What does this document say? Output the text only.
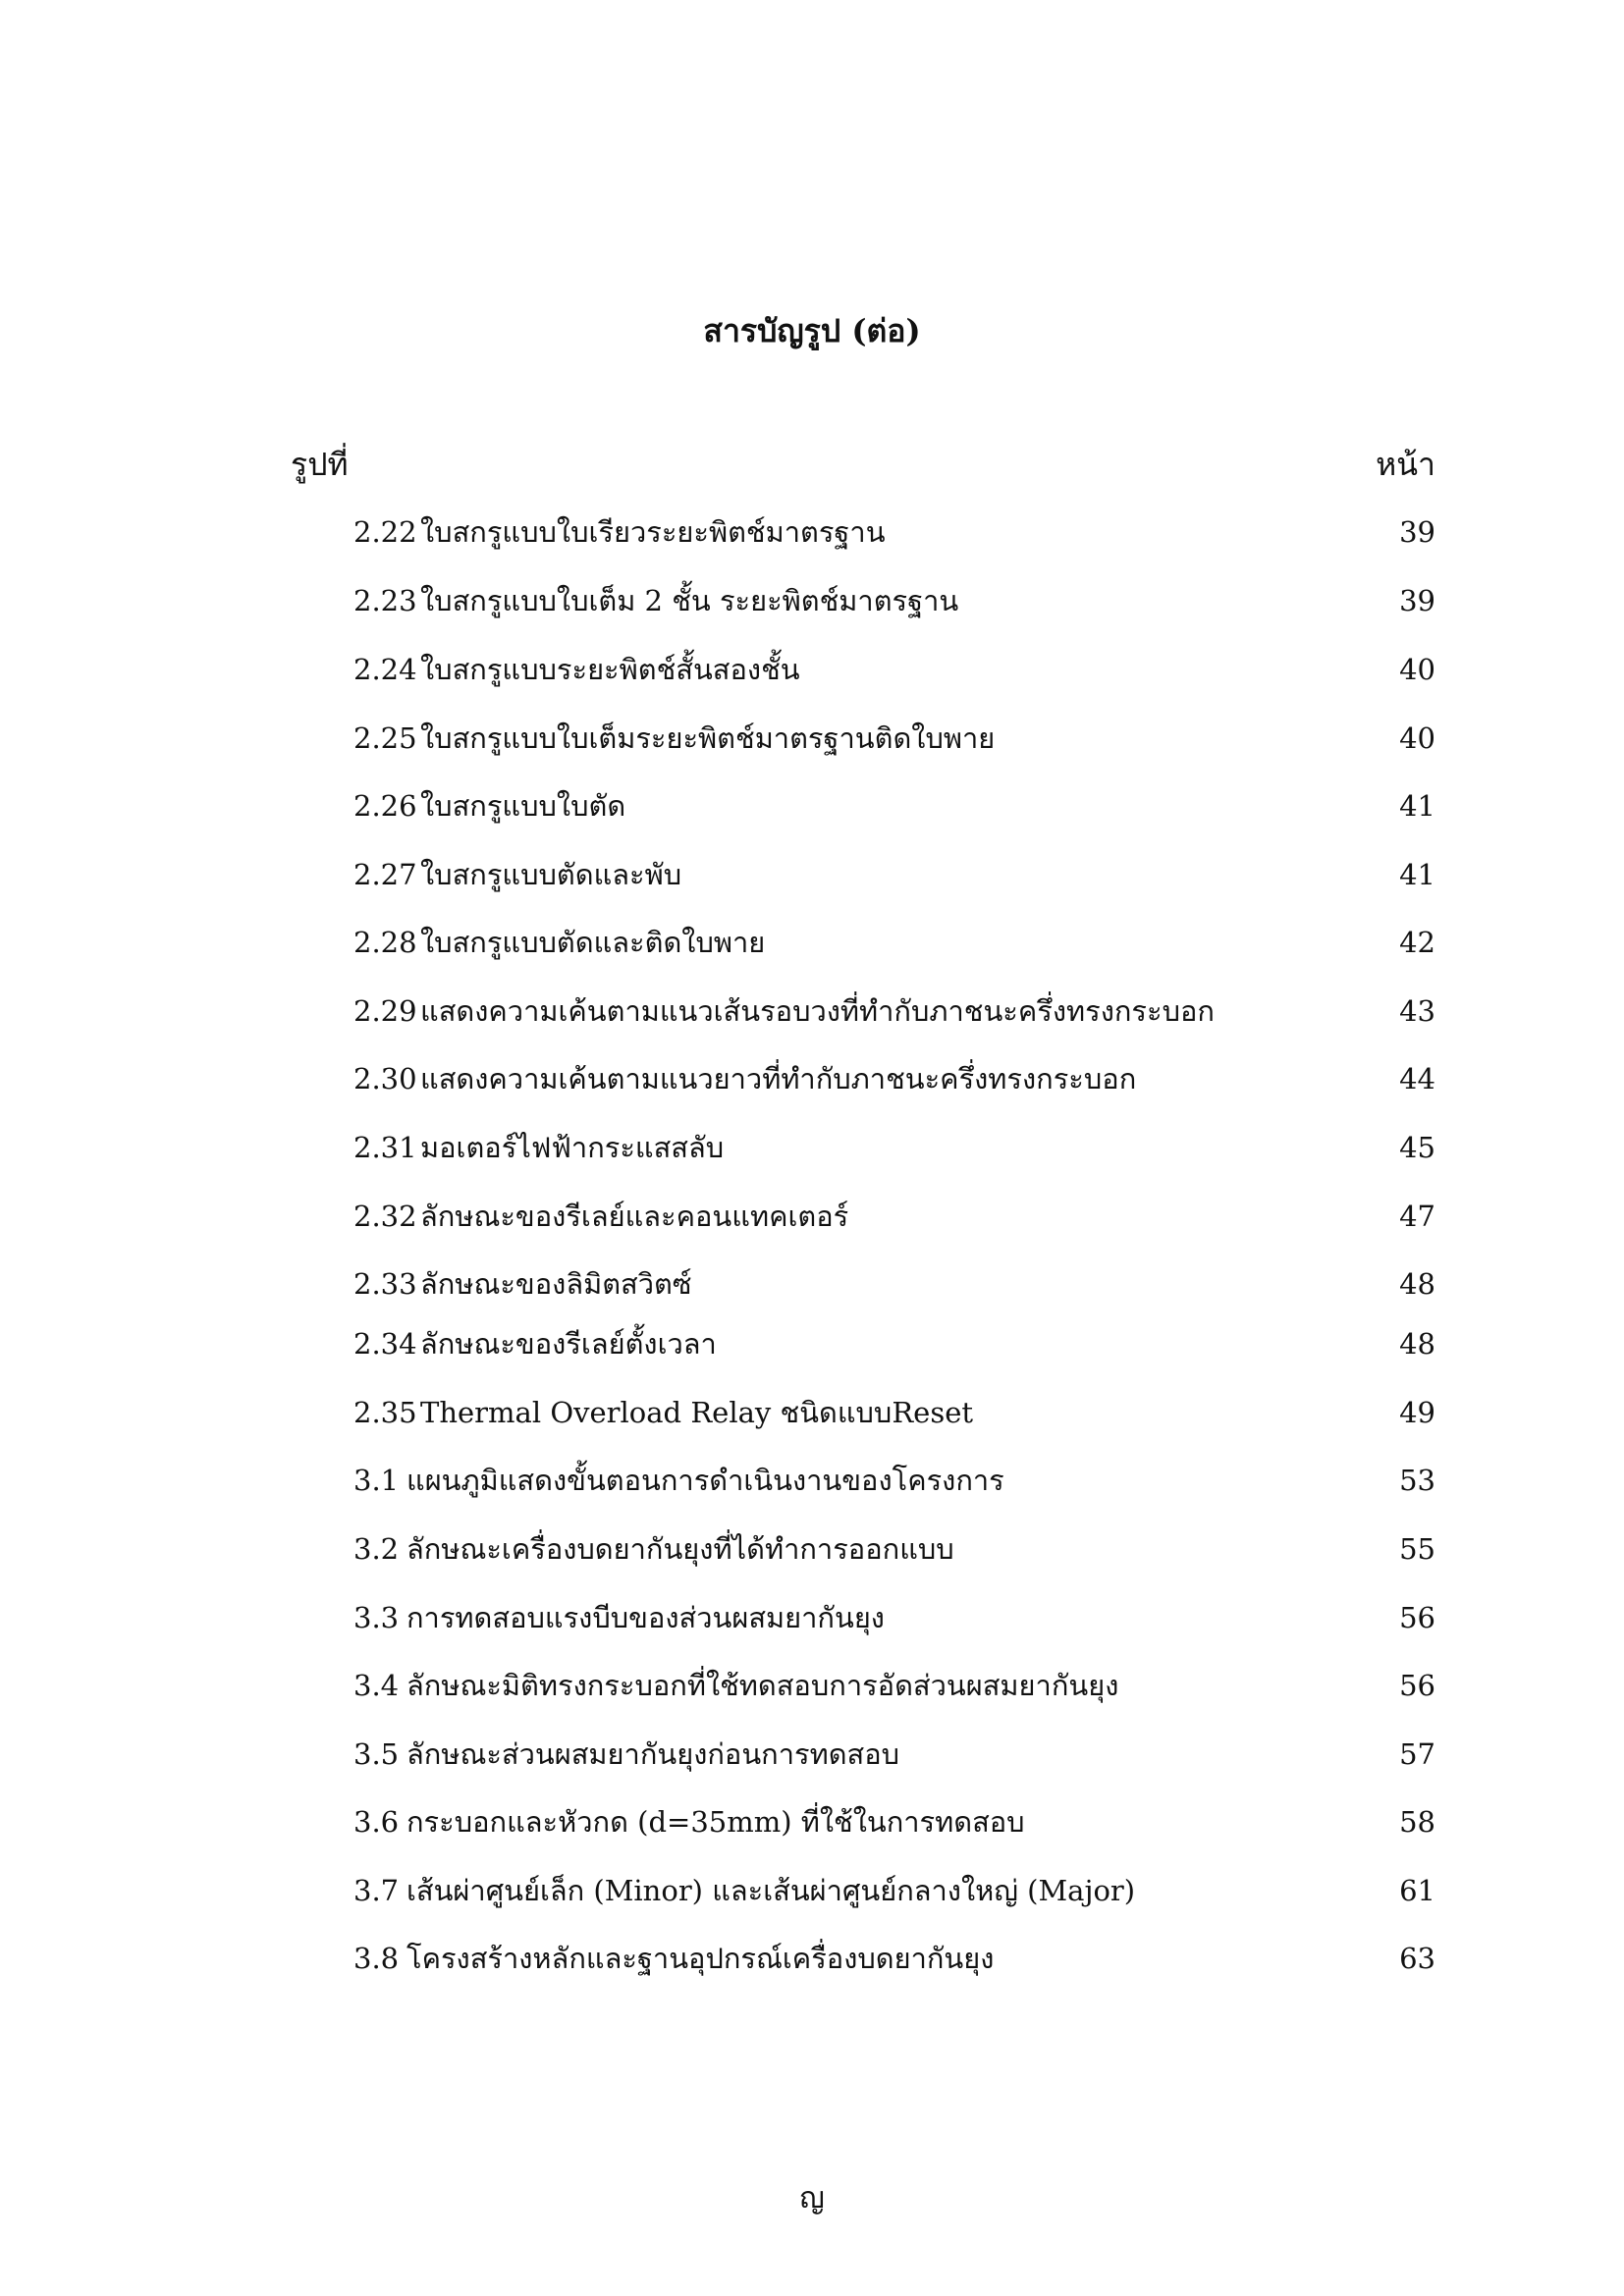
สารบัญรูป (ต่อ)
รูปที่	หน้า
2.22 ใบสกรูแบบใบเรียวระยะพิตช์มาตรฐาน	39
2.23 ใบสกรูแบบใบเต็ม 2 ชั้น ระยะพิตช์มาตรฐาน	39
2.24 ใบสกรูแบบระยะพิตช์สั้นสองชั้น	40
2.25 ใบสกรูแบบใบเต็มระยะพิตช์มาตรฐานติดใบพาย	40
2.26 ใบสกรูแบบใบตัด	41
2.27 ใบสกรูแบบตัดและพับ	41
2.28 ใบสกรูแบบตัดและติดใบพาย	42
2.29 แสดงความเค้นตามแนวเส้นรอบวงที่ทำกับภาชนะครึ่งทรงกระบอก	43
2.30 แสดงความเค้นตามแนวยาวที่ทำกับภาชนะครึ่งทรงกระบอก	44
2.31 มอเตอร์ไฟฟ้ากระแสสลับ	45
2.32 ลักษณะของรีเลย์และคอนแทคเตอร์	47
2.33 ลักษณะของลิมิตสวิตซ์	48
2.34 ลักษณะของรีเลย์ตั้งเวลา	48
2.35 Thermal Overload Relay ชนิดแบบReset	49
3.1 แผนภูมิแสดงขั้นตอนการดำเนินงานของโครงการ	53
3.2 ลักษณะเครื่องบดยากันยุงที่ได้ทำการออกแบบ	55
3.3 การทดสอบแรงบีบของส่วนผสมยากันยุง	56
3.4 ลักษณะมิติทรงกระบอกที่ใช้ทดสอบการอัดส่วนผสมยากันยุง	56
3.5 ลักษณะส่วนผสมยากันยุงก่อนการทดสอบ	57
3.6 กระบอกและหัวกด (d=35mm) ที่ใช้ในการทดสอบ	58
3.7 เส้นผ่าศูนย์เล็ก (Minor) และเส้นผ่าศูนย์กลางใหญ่ (Major)	61
3.8 โครงสร้างหลักและฐานอุปกรณ์เครื่องบดยากันยุง	63
ญ
